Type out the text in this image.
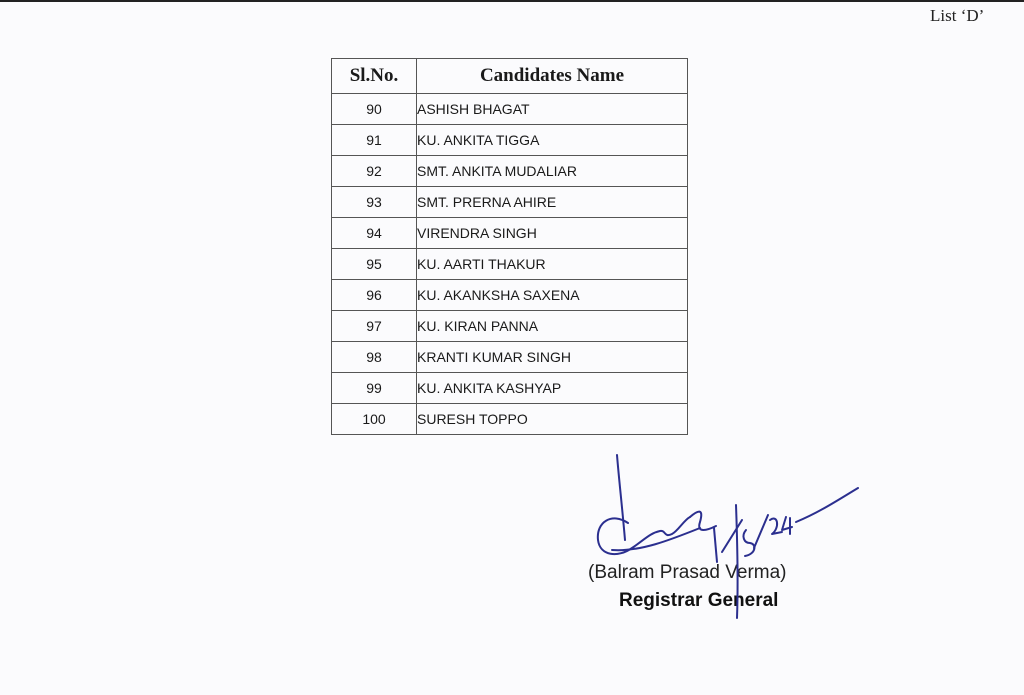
List ‘D’
Sl.No.	Candidates Name
90	ASHISH BHAGAT
91	KU. ANKITA TIGGA
92	SMT. ANKITA MUDALIAR
93	SMT. PRERNA AHIRE
94	VIRENDRA SINGH
95	KU. AARTI THAKUR
96	KU. AKANKSHA SAXENA
97	KU. KIRAN PANNA
98	KRANTI KUMAR SINGH
99	KU. ANKITA KASHYAP
100	SURESH TOPPO
(Balram Prasad Verma)
Registrar General
